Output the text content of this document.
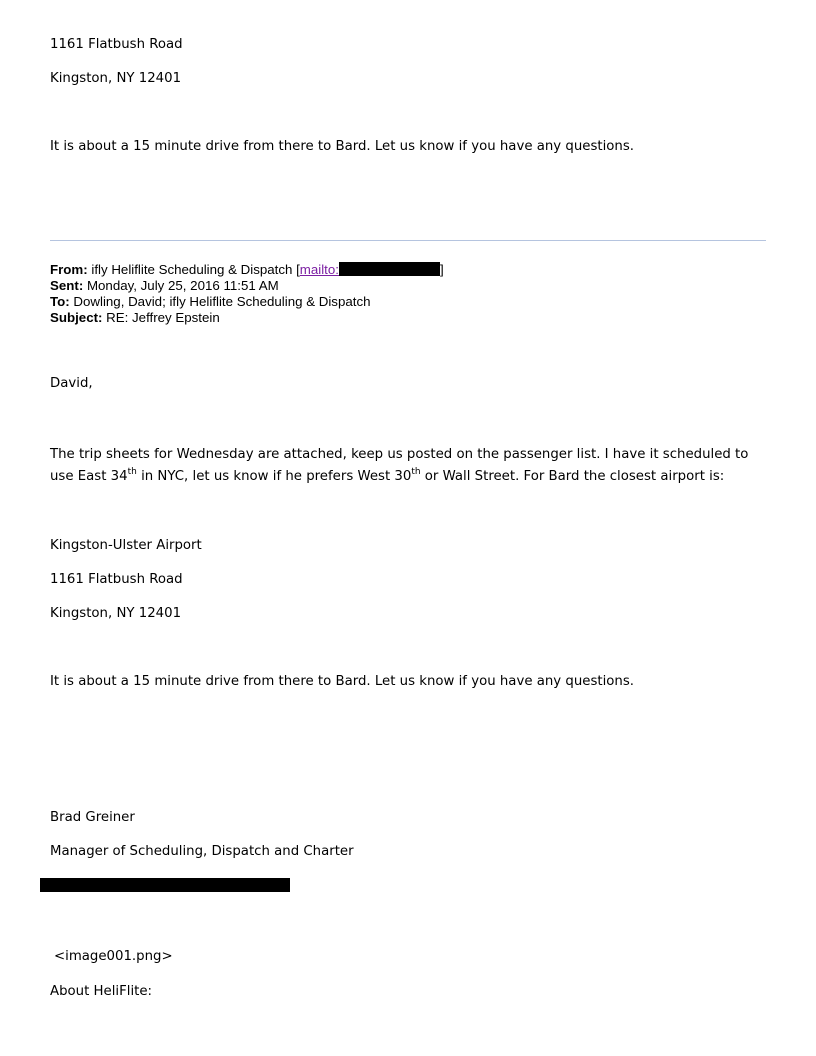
1161 Flatbush Road

Kingston, NY 12401

It is about a 15 minute drive from there to Bard. Let us know if you have any questions.

From: ifly Heliflite Scheduling & Dispatch [mailto:	]
Sent: Monday, July 25, 2016 11:51 AM
To: Dowling, David; ifly Heliflite Scheduling & Dispatch
Subject: RE: Jeffrey Epstein

David,

The trip sheets for Wednesday are attached, keep us posted on the passenger list. I have it scheduled to use East 34th in NYC, let us know if he prefers West 30th or Wall Street. For Bard the closest airport is:

Kingston-Ulster Airport

1161 Flatbush Road

Kingston, NY 12401

It is about a 15 minute drive from there to Bard. Let us know if you have any questions.

Brad Greiner

Manager of Scheduling, Dispatch and Charter

<image001.png>

About HeliFlite:
